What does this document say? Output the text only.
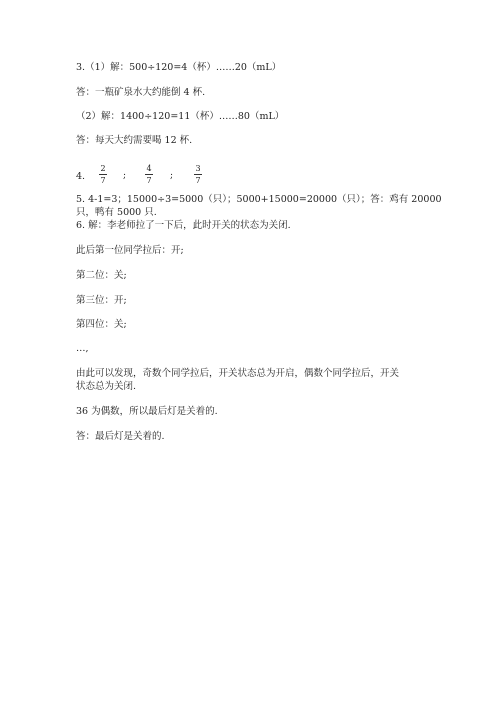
3.（1）解：500÷120=4（杯）……20（mL）
答：一瓶矿泉水大约能倒 4 杯.
（2）解：1400÷120=11（杯）……80（mL）
答：每天大约需要喝 12 杯.
4.
2
7 ;
4
7 ;
3
7
5. 4-1=3；15000÷3=5000（只）；5000+15000=20000（只）；答：鸡有 20000
只，鸭有 5000 只.
6. 解：李老师拉了一下后，此时开关的状态为关闭.
此后第一位同学拉后：开;
第二位：关;
第三位：开;
第四位：关;
…,
由此可以发现，奇数个同学拉后，开关状态总为开启，偶数个同学拉后，开关
状态总为关闭.
36 为偶数，所以最后灯是关着的.
答：最后灯是关着的.
